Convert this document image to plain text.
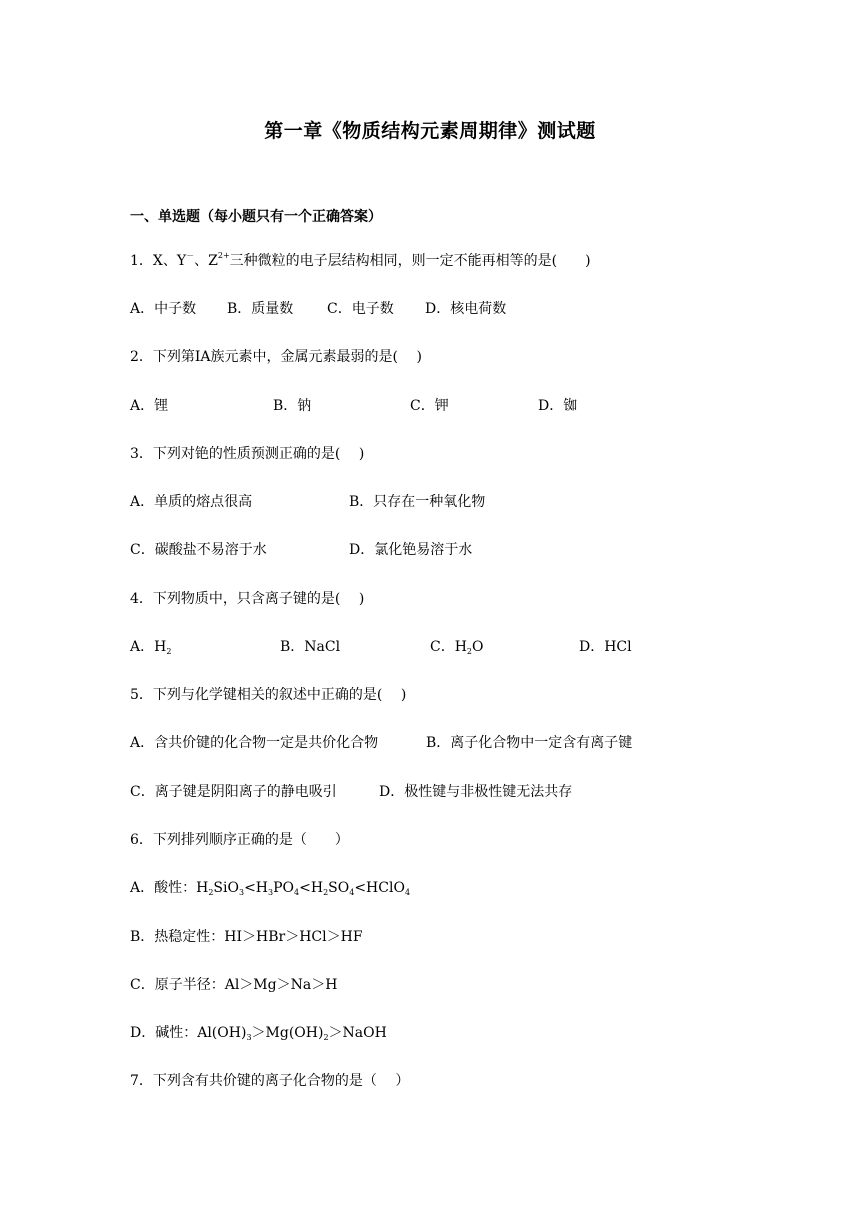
第一章《物质结构元素周期律》测试题
一、单选题（每小题只有一个正确答案）
1．X、Y－、$Z^{2+}$三种微粒的电子层结构相同，则一定不能再相等的是(　　)
A．中子数 B．质量数 C．电子数 D．核电荷数
2．下列第IA族元素中，金属元素最弱的是(　 )
A．锂	B．钠	C．钾	D．铷
3．下列对铯的性质预测正确的是(　 )
A．单质的熔点很高	B．只存在一种氧化物
C．碳酸盐不易溶于水	D．氯化铯易溶于水
4．下列物质中，只含离子键的是(　 )
A．$H_2$	B．NaCl	C．$H_2O$	D．HCl
5．下列与化学键相关的叙述中正确的是(　 )
A．含共价键的化合物一定是共价化合物	B．离子化合物中一定含有离子键
C．离子键是阴阳离子的静电吸引	D．极性键与非极性键无法共存
6．下列排列顺序正确的是（　　）
A．酸性：$H_2SiO_3<H_3PO_4<H_2SO_4<HClO_4$
B．热稳定性：HI＞HBr＞HCl＞HF
C．原子半径：Al＞Mg＞Na＞H
D．碱性：$Al(OH)_3>Mg(OH)_2>NaOH$
7．下列含有共价键的离子化合物的是（　 ）
